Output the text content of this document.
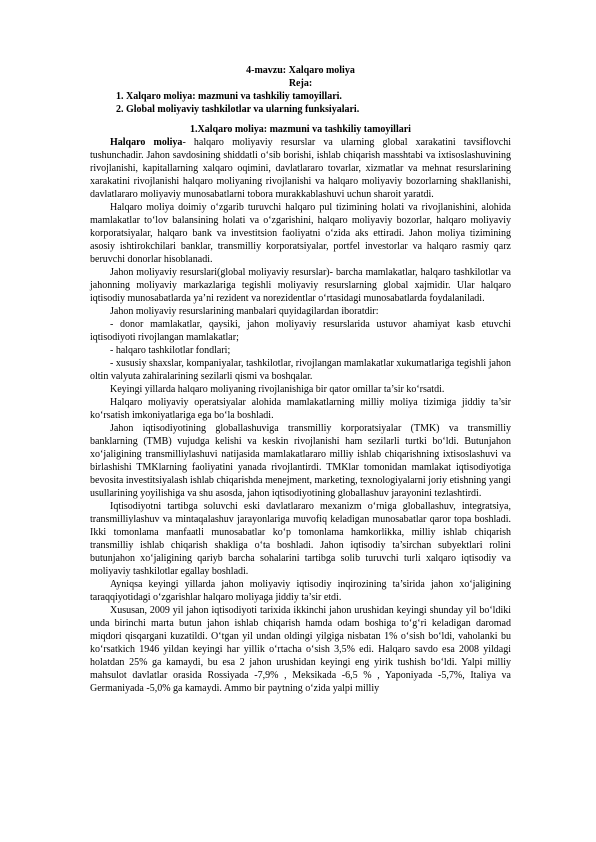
4-mavzu: Xalqaro moliya
Reja:
1. Xalqaro moliya: mazmuni va tashkiliy tamoyillari.
2. Global moliyaviy tashkilotlar va ularning funksiyalari.
1.Xalqaro moliya: mazmuni va tashkiliy tamoyillari

Halqaro moliya- halqaro moliyaviy resurslar va ularning global xarakatini tavsiflovchi tushunchadir. Jahon savdosining shiddatli o‘sib borishi, ishlab chiqarish masshtabi va ixtisoslashuvining rivojlanishi, kapitallarning xalqaro oqimini, davlatlararo tovarlar, xizmatlar va mehnat resurslarining xarakatini rivojlanishi halqaro moliyaning rivojlanishi va halqaro moliyaviy bozorlarning shakllanishi, davlatlararo moliyaviy munosabatlarni tobora murakkablashuvi uchun sharoit yaratdi.

Halqaro moliya doimiy o‘zgarib turuvchi halqaro pul tizimining holati va rivojlanishini, alohida mamlakatlar to‘lov balansining holati va o‘zgarishini, halqaro moliyaviy bozorlar, halqaro moliyaviy korporatsiyalar, halqaro bank va investitsion faoliyatni o‘zida aks ettiradi. Jahon moliya tizimining asosiy ishtirokchilari banklar, transmilliy korporatsiyalar, portfel investorlar va halqaro rasmiy qarz beruvchi donorlar hisoblanadi.

Jahon moliyaviy resurslari(global moliyaviy resurslar)- barcha mamlakatlar, halqaro tashkilotlar va jahonning moliyaviy markazlariga tegishli moliyaviy resurslarning global xajmidir. Ular halqaro iqtisodiy munosabatlarda ya’ni rezident va norezidentlar o‘rtasidagi munosabatlarda foydalaniladi.

Jahon moliyaviy resurslarining manbalari quyidagilardan iboratdir:

- donor mamlakatlar, qaysiki, jahon moliyaviy resurslarida ustuvor ahamiyat kasb etuvchi iqtisodiyoti rivojlangan mamlakatlar;

- halqaro tashkilotlar fondlari;

- xususiy shaxslar, kompaniyalar, tashkilotlar, rivojlangan mamlakatlar xukumatlariga tegishli jahon oltin valyuta zahiralarining sezilarli qismi va boshqalar.

Keyingi yillarda halqaro moliyaning rivojlanishiga bir qator omillar ta’sir ko‘rsatdi.

Halqaro moliyaviy operatsiyalar alohida mamlakatlarning milliy moliya tizimiga jiddiy ta’sir ko‘rsatish imkoniyatlariga ega bo‘la boshladi.

Jahon iqtisodiyotining globallashuviga transmilliy korporatsiyalar (TMK) va transmilliy banklarning (TMB) vujudga kelishi va keskin rivojlanishi ham sezilarli turtki bo‘ldi. Butunjahon xo‘jaligining transmilliylashuvi natijasida mamlakatlararo milliy ishlab chiqarishning ixtisoslashuvi va birlashishi TMKlarning faoliyatini yanada rivojlantirdi. TMKlar tomonidan mamlakat iqtisodiyotiga bevosita investitsiyalash ishlab chiqarishda menejment, marketing, texnologiyalarni joriy etishning yangi usullarining yoyilishiga va shu asosda, jahon iqtisodiyotining globallashuv jarayonini tezlashtirdi.

Iqtisodiyotni tartibga soluvchi eski davlatlararo mexanizm o‘rniga globallashuv, integratsiya, transmilliylashuv va mintaqalashuv jarayonlariga muvofiq keladigan munosabatlar qaror topa boshladi. Ikki tomonlama manfaatli munosabatlar ko‘p tomonlama hamkorlikka, milliy ishlab chiqarish transmilliy ishlab chiqarish shakliga o‘ta boshladi. Jahon iqtisodiy ta’sirchan subyektlari rolini butunjahon xo‘jaligining qariyb barcha sohalarini tartibga solib turuvchi turli xalqaro iqtisodiy va moliyaviy tashkilotlar egallay boshladi.

Ayniqsa keyingi yillarda jahon moliyaviy iqtisodiy inqirozining ta’sirida jahon xo‘jaligining taraqqiyotidagi o‘zgarishlar halqaro moliyaga jiddiy ta’sir etdi.

Xususan, 2009 yil jahon iqtisodiyoti tarixida ikkinchi jahon urushidan keyingi shunday yil bo‘ldiki unda birinchi marta butun jahon ishlab chiqarish hamda odam boshiga to‘g‘ri keladigan daromad miqdori qisqargani kuzatildi. O‘tgan yil undan oldingi yilgiga nisbatan 1% o‘sish bo‘ldi, vaholanki bu ko‘rsatkich 1946 yildan keyingi har yillik o‘rtacha o‘sish 3,5% edi. Halqaro savdo esa 2008 yildagi holatdan 25% ga kamaydi, bu esa 2 jahon urushidan keyingi eng yirik tushish bo‘ldi. Yalpi milliy mahsulot davlatlar orasida Rossiyada -7,9% , Meksikada -6,5 % , Yaponiyada -5,7%, Italiya va Germaniyada -5,0% ga kamaydi. Ammo bir paytning o‘zida yalpi milliy
